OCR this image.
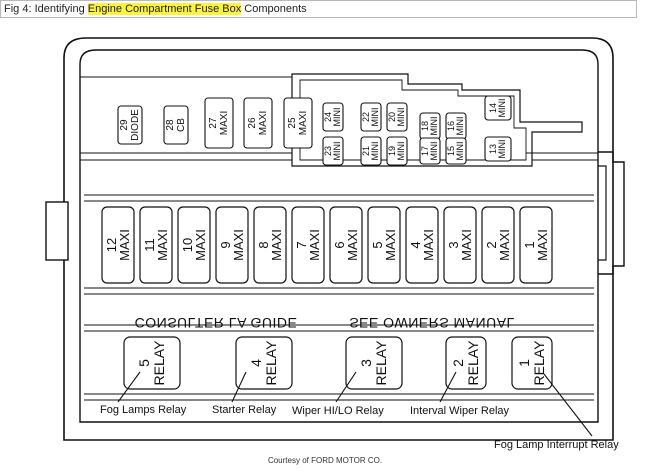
Fig 4: Identifying Engine Compartment Fuse Box Components
29 DIODE 28 CB 27 MAXI 26 MAXI 25 MAXI 24 MINI
23 MINI
22 MINI
21 MINI
20 MINI
19 MINI
18 MINI
17 MINI
16 MINI
15 MINI
14 MINI
13 MINI
12
MAXI 11
MAXI 10
MAXI 9
MAXI 8
MAXI 7
MAXI 6
MAXI 5
MAXI 4
MAXI 3
MAXI 2
MAXI 1
MAXI
CONSULTER LA GUIDE	SEE OWNERS MANUAL
5 RELAY	4 RELAY	3 RELAY	2 RELAY	1 RELAY
Fog Lamps Relay Starter Relay Wiper HI/LO Relay Interval Wiper Relay
Fog Lamp Interrupt Relay
Courtesy of FORD MOTOR CO.
